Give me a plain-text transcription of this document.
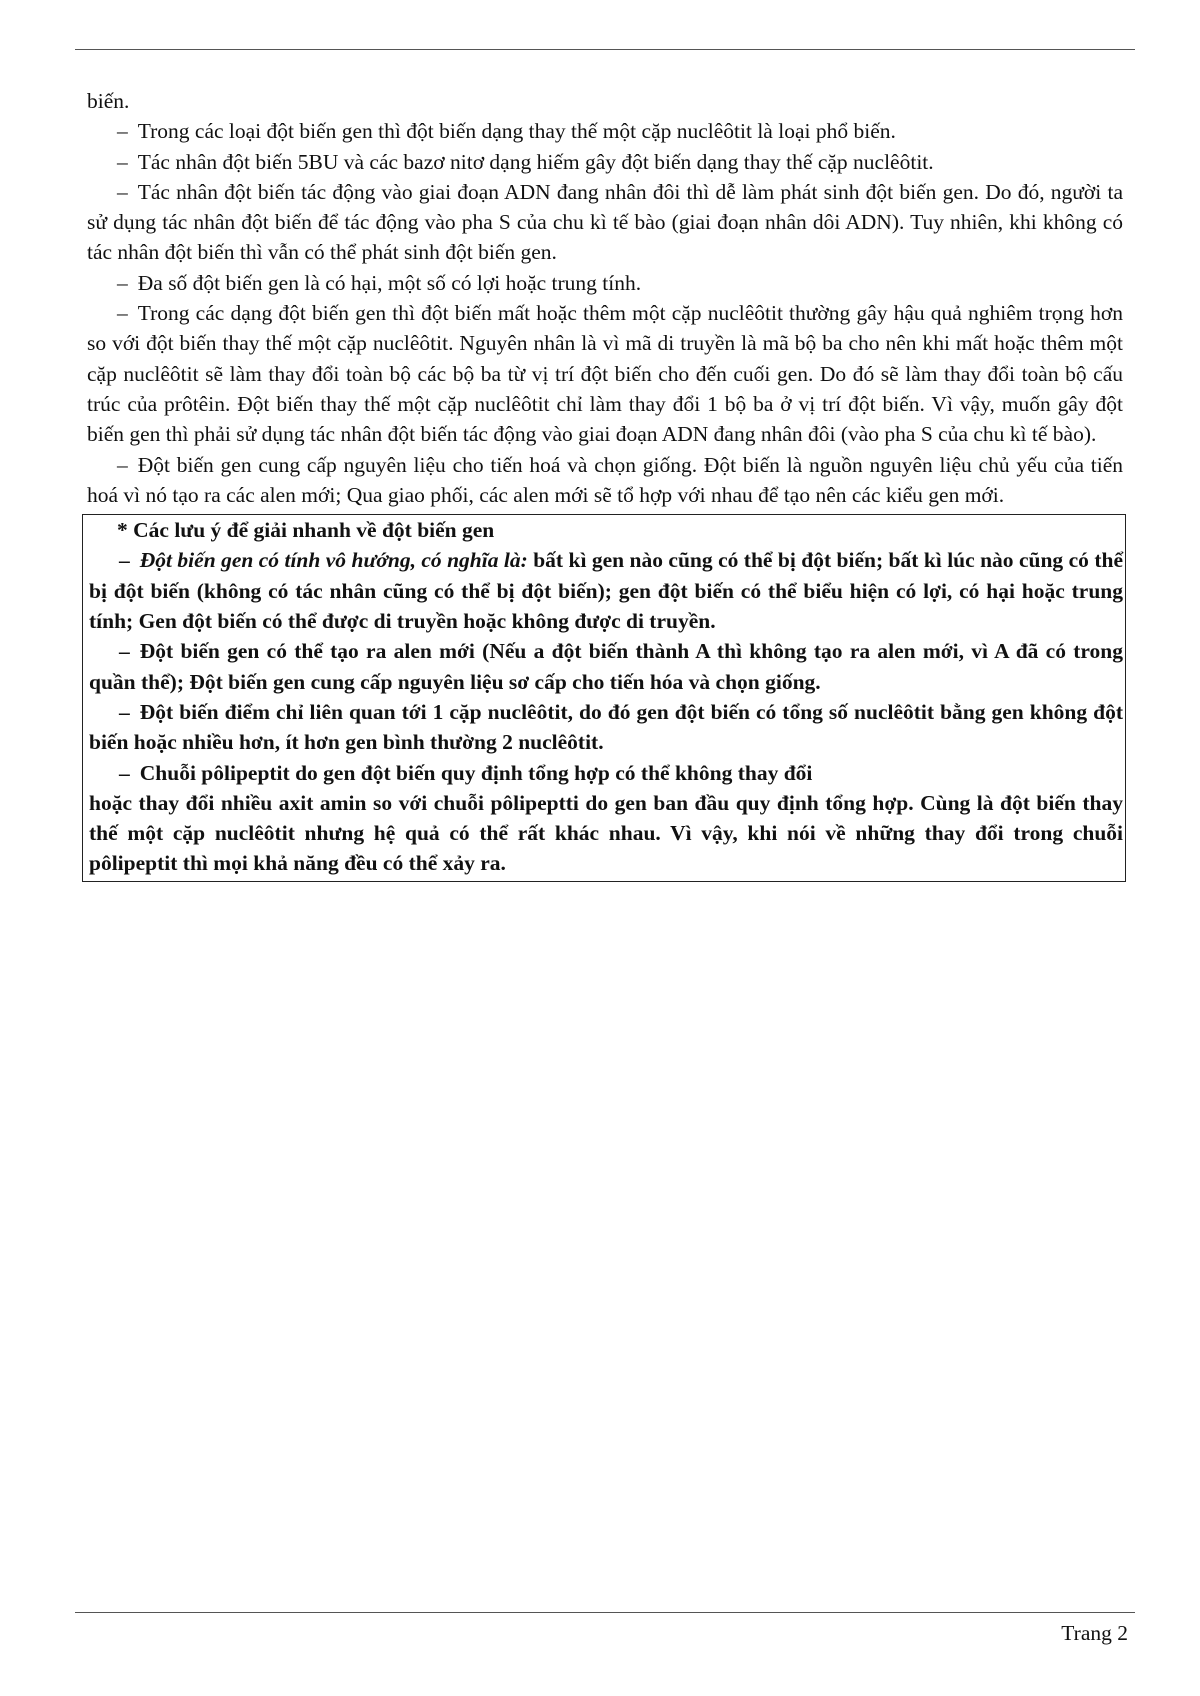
biến.

– Trong các loại đột biến gen thì đột biến dạng thay thế một cặp nuclêôtit là loại phổ biến.

– Tác nhân đột biến 5BU và các bazơ nitơ dạng hiếm gây đột biến dạng thay thế cặp nuclêôtit.

– Tác nhân đột biến tác động vào giai đoạn ADN đang nhân đôi thì dễ làm phát sinh đột biến gen. Do đó, người ta sử dụng tác nhân đột biến để tác động vào pha S của chu kì tế bào (giai đoạn nhân dôi ADN). Tuy nhiên, khi không có tác nhân đột biến thì vẫn có thể phát sinh đột biến gen.

– Đa số đột biến gen là có hại, một số có lợi hoặc trung tính.

– Trong các dạng đột biến gen thì đột biến mất hoặc thêm một cặp nuclêôtit thường gây hậu quả nghiêm trọng hơn so với đột biến thay thế một cặp nuclêôtit. Nguyên nhân là vì mã di truyền là mã bộ ba cho nên khi mất hoặc thêm một cặp nuclêôtit sẽ làm thay đổi toàn bộ các bộ ba từ vị trí đột biến cho đến cuối gen. Do đó sẽ làm thay đổi toàn bộ cấu trúc của prôtêin. Đột biến thay thế một cặp nuclêôtit chỉ làm thay đổi 1 bộ ba ở vị trí đột biến. Vì vậy, muốn gây đột biến gen thì phải sử dụng tác nhân đột biến tác động vào giai đoạn ADN đang nhân đôi (vào pha S của chu kì tế bào).

– Đột biến gen cung cấp nguyên liệu cho tiến hoá và chọn giống. Đột biến là nguồn nguyên liệu chủ yếu của tiến hoá vì nó tạo ra các alen mới; Qua giao phối, các alen mới sẽ tổ hợp với nhau để tạo nên các kiểu gen mới.

* Các lưu ý để giải nhanh về đột biến gen

– Đột biến gen có tính vô hướng, có nghĩa là: bất kì gen nào cũng có thể bị đột biến; bất kì lúc nào cũng có thể bị đột biến (không có tác nhân cũng có thể bị đột biến); gen đột biến có thể biểu hiện có lợi, có hại hoặc trung tính; Gen đột biến có thể được di truyền hoặc không được di truyền.

– Đột biến gen có thể tạo ra alen mới (Nếu a đột biến thành A thì không tạo ra alen mới, vì A đã có trong quần thể); Đột biến gen cung cấp nguyên liệu sơ cấp cho tiến hóa và chọn giống.

– Đột biến điểm chỉ liên quan tới 1 cặp nuclêôtit, do đó gen đột biến có tổng số nuclêôtit bằng gen không đột biến hoặc nhiều hơn, ít hơn gen bình thường 2 nuclêôtit.

– Chuỗi pôlipeptit do gen đột biến quy định tổng hợp có thể không thay đổi

hoặc thay đổi nhiều axit amin so với chuỗi pôlipeptti do gen ban đầu quy định tổng hợp. Cùng là đột biến thay thế một cặp nuclêôtit nhưng hệ quả có thể rất khác nhau. Vì vậy, khi nói về những thay đổi trong chuỗi pôlipeptit thì mọi khả năng đều có thể xảy ra.

Trang 2
